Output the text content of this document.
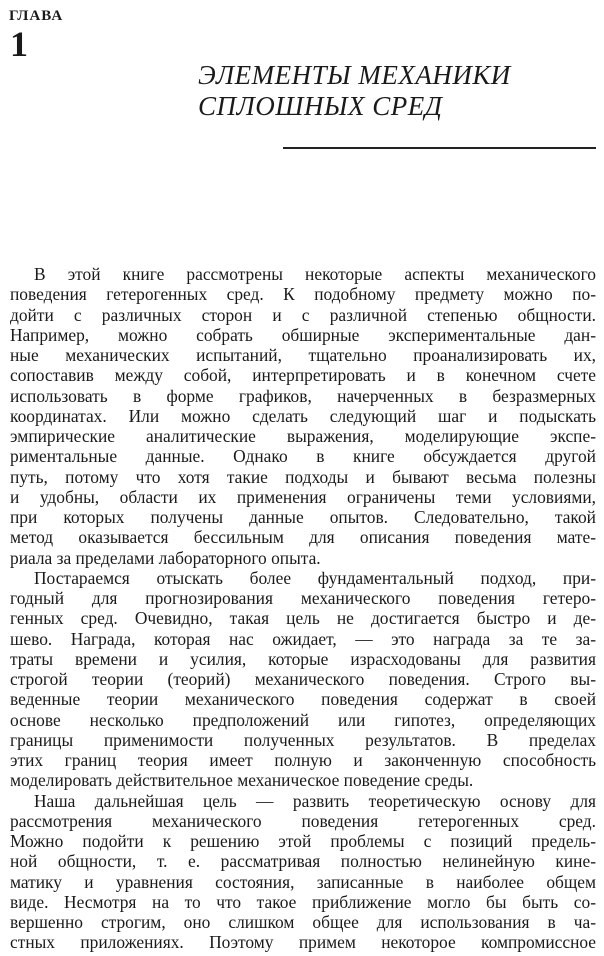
ГЛАВА
1
ЭЛЕМЕНТЫ МЕХАНИКИ
СПЛОШНЫХ СРЕД
В этой книге рассмотрены некоторые аспекты механического
поведения гетерогенных сред. К подобному предмету можно по-
дойти с различных сторон и с различной степенью общности.
Например, можно собрать обширные экспериментальные дан-
ные механических испытаний, тщательно проанализировать их,
сопоставив между собой, интерпретировать и в конечном счете
использовать в форме графиков, начерченных в безразмерных
координатах. Или можно сделать следующий шаг и подыскать
эмпирические аналитические выражения, моделирующие экспе-
риментальные данные. Однако в книге обсуждается другой
путь, потому что хотя такие подходы и бывают весьма полезны
и удобны, области их применения ограничены теми условиями,
при которых получены данные опытов. Следовательно, такой
метод оказывается бессильным для описания поведения мате-
риала за пределами лабораторного опыта.
Постараемся отыскать более фундаментальный подход, при-
годный для прогнозирования механического поведения гетеро-
генных сред. Очевидно, такая цель не достигается быстро и де-
шево. Награда, которая нас ожидает, — это награда за те за-
траты времени и усилия, которые израсходованы для развития
строгой теории (теорий) механического поведения. Строго вы-
веденные теории механического поведения содержат в своей
основе несколько предположений или гипотез, определяющих
границы применимости полученных результатов. В пределах
этих границ теория имеет полную и законченную способность
моделировать действительное механическое поведение среды.
Наша дальнейшая цель — развить теоретическую основу для
рассмотрения механического поведения гетерогенных сред.
Можно подойти к решению этой проблемы с позиций предель-
ной общности, т. е. рассматривая полностью нелинейную кине-
матику и уравнения состояния, записанные в наиболее общем
виде. Несмотря на то что такое приближение могло бы быть со-
вершенно строгим, оно слишком общее для использования в ча-
стных приложениях. Поэтому примем некоторое компромиссное
